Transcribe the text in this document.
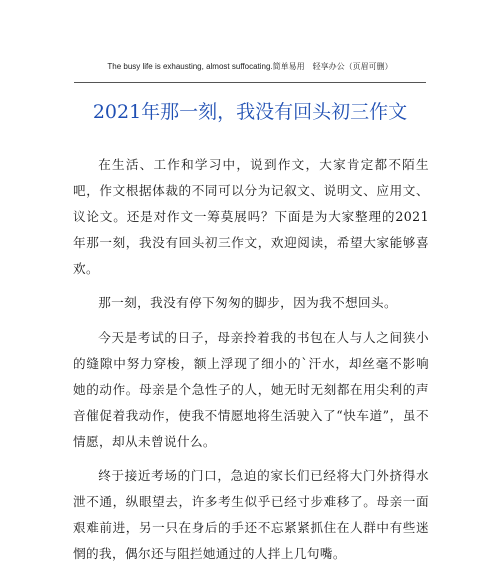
The busy life is exhausting, almost suffocating.简单易用　轻享办公（页眉可删）
2021年那一刻，我没有回头初三作文

在生活、工作和学习中，说到作文，大家肯定都不陌生吧，作文根据体裁的不同可以分为记叙文、说明文、应用文、议论文。还是对作文一筹莫展吗？下面是为大家整理的2021年那一刻，我没有回头初三作文，欢迎阅读，希望大家能够喜欢。

那一刻，我没有停下匆匆的脚步，因为我不想回头。

今天是考试的日子，母亲拎着我的书包在人与人之间狭小的缝隙中努力穿梭，额上浮现了细小的`汗水，却丝毫不影响她的动作。母亲是个急性子的人，她无时无刻都在用尖利的声音催促着我动作，使我不情愿地将生活驶入了“快车道”，虽不情愿，却从未曾说什么。

终于接近考场的门口，急迫的家长们已经将大门外挤得水泄不通，纵眼望去，许多考生似乎已经寸步难移了。母亲一面艰难前进，另一只在身后的手还不忘紧紧抓住在人群中有些迷惘的我，偶尔还与阻拦她通过的人拌上几句嘴。
